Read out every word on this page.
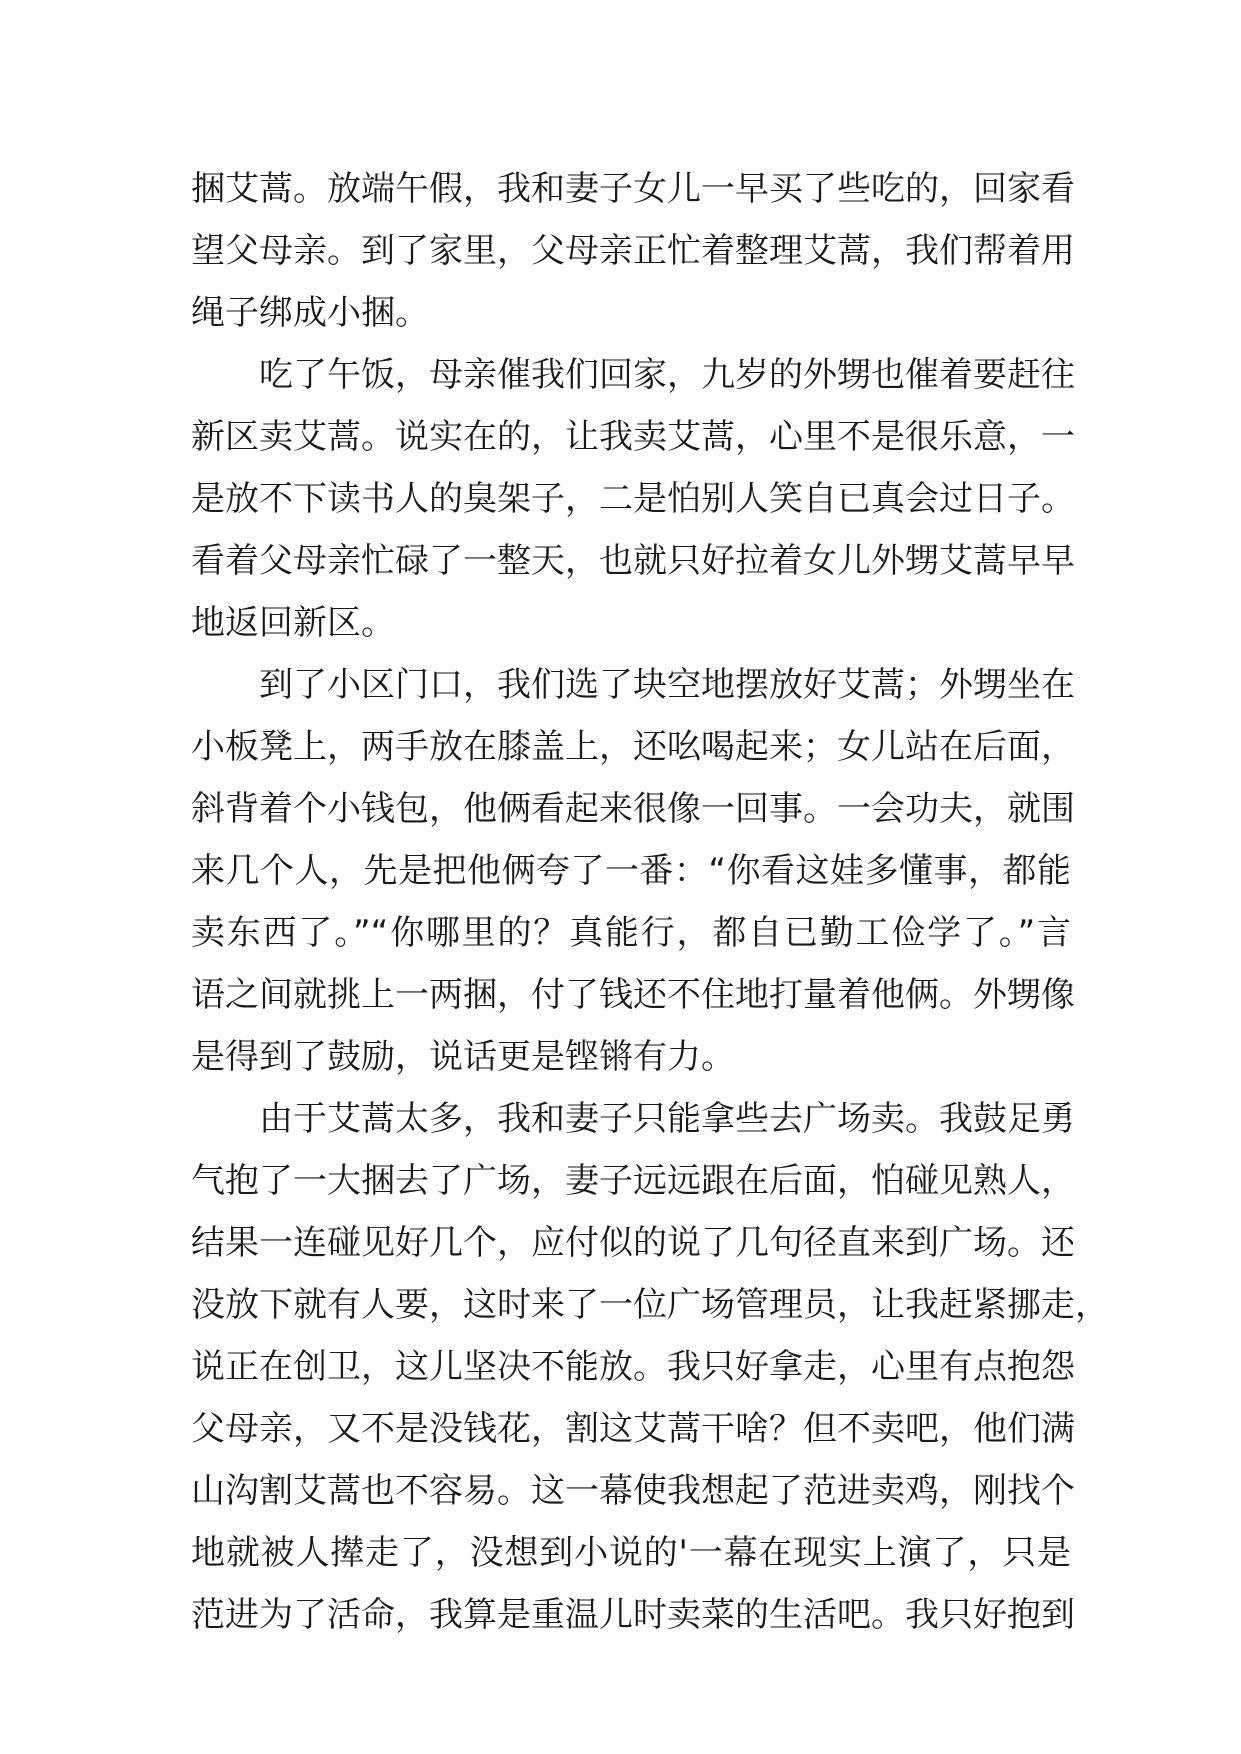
捆艾蒿。放端午假，我和妻子女儿一早买了些吃的，回家看
望父母亲。到了家里，父母亲正忙着整理艾蒿，我们帮着用
绳子绑成小捆。
吃了午饭，母亲催我们回家，九岁的外甥也催着要赶往
新区卖艾蒿。说实在的，让我卖艾蒿，心里不是很乐意，一
是放不下读书人的臭架子，二是怕别人笑自已真会过日子。
看着父母亲忙碌了一整天，也就只好拉着女儿外甥艾蒿早早
地返回新区。
到了小区门口，我们选了块空地摆放好艾蒿；外甥坐在
小板凳上，两手放在膝盖上，还吆喝起来；女儿站在后面，
斜背着个小钱包，他俩看起来很像一回事。一会功夫，就围
来几个人，先是把他俩夸了一番：“你看这娃多懂事，都能
卖东西了。”“你哪里的？真能行，都自已勤工俭学了。”言
语之间就挑上一两捆，付了钱还不住地打量着他俩。外甥像
是得到了鼓励，说话更是铿锵有力。
由于艾蒿太多，我和妻子只能拿些去广场卖。我鼓足勇
气抱了一大捆去了广场，妻子远远跟在后面，怕碰见熟人，
结果一连碰见好几个，应付似的说了几句径直来到广场。还
没放下就有人要，这时来了一位广场管理员，让我赶紧挪走，
说正在创卫，这儿坚决不能放。我只好拿走，心里有点抱怨
父母亲，又不是没钱花，割这艾蒿干啥？但不卖吧，他们满
山沟割艾蒿也不容易。这一幕使我想起了范进卖鸡，刚找个
地就被人撵走了，没想到小说的'一幕在现实上演了，只是
范进为了活命，我算是重温儿时卖菜的生活吧。我只好抱到
